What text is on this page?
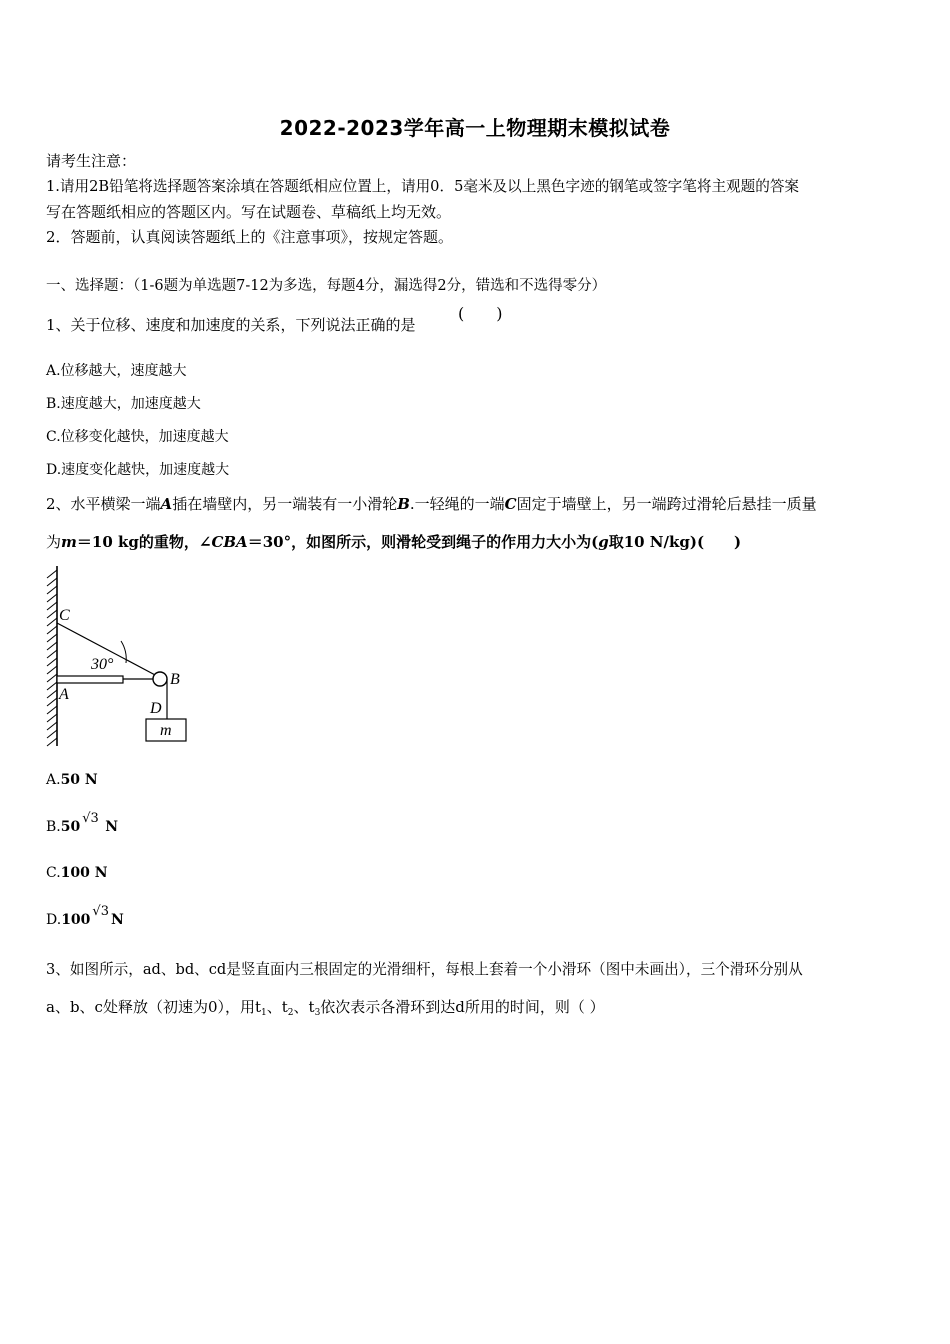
2022-2023学年高一上物理期末模拟试卷
请考生注意：
1.请用2B铅笔将选择题答案涂填在答题纸相应位置上，请用0．5毫米及以上黑色字迹的钢笔或签字笔将主观题的答案
写在答题纸相应的答题区内。写在试题卷、草稿纸上均无效。
2．答题前，认真阅读答题纸上的《注意事项》，按规定答题。
一、选择题：（1-6题为单选题7-12为多选，每题4分，漏选得2分，错选和不选得零分）
1、关于位移、速度和加速度的关系，下列说法正确的是
(　　)
A.位移越大，速度越大
B.速度越大，加速度越大
C.位移变化越快，加速度越大
D.速度变化越快，加速度越大
2、水平横梁一端A插在墙壁内，另一端装有一小滑轮B.一轻绳的一端C固定于墙壁上，另一端跨过滑轮后悬挂一质量
为m＝10 kg的重物，∠CBA＝30°，如图所示，则滑轮受到绳子的作用力大小为(g取10 N/kg)(　　)
C
30°
A
B
D
m
A.50 N
B.50√3 N
C.100 N
D.100√3N
3、如图所示，ad、bd、cd是竖直面内三根固定的光滑细杆，每根上套着一个小滑环（图中未画出），三个滑环分别从
a、b、c处释放（初速为0），用$t_1$、$t_2$、$t_3$依次表示各滑环到达d所用的时间，则（ ）
